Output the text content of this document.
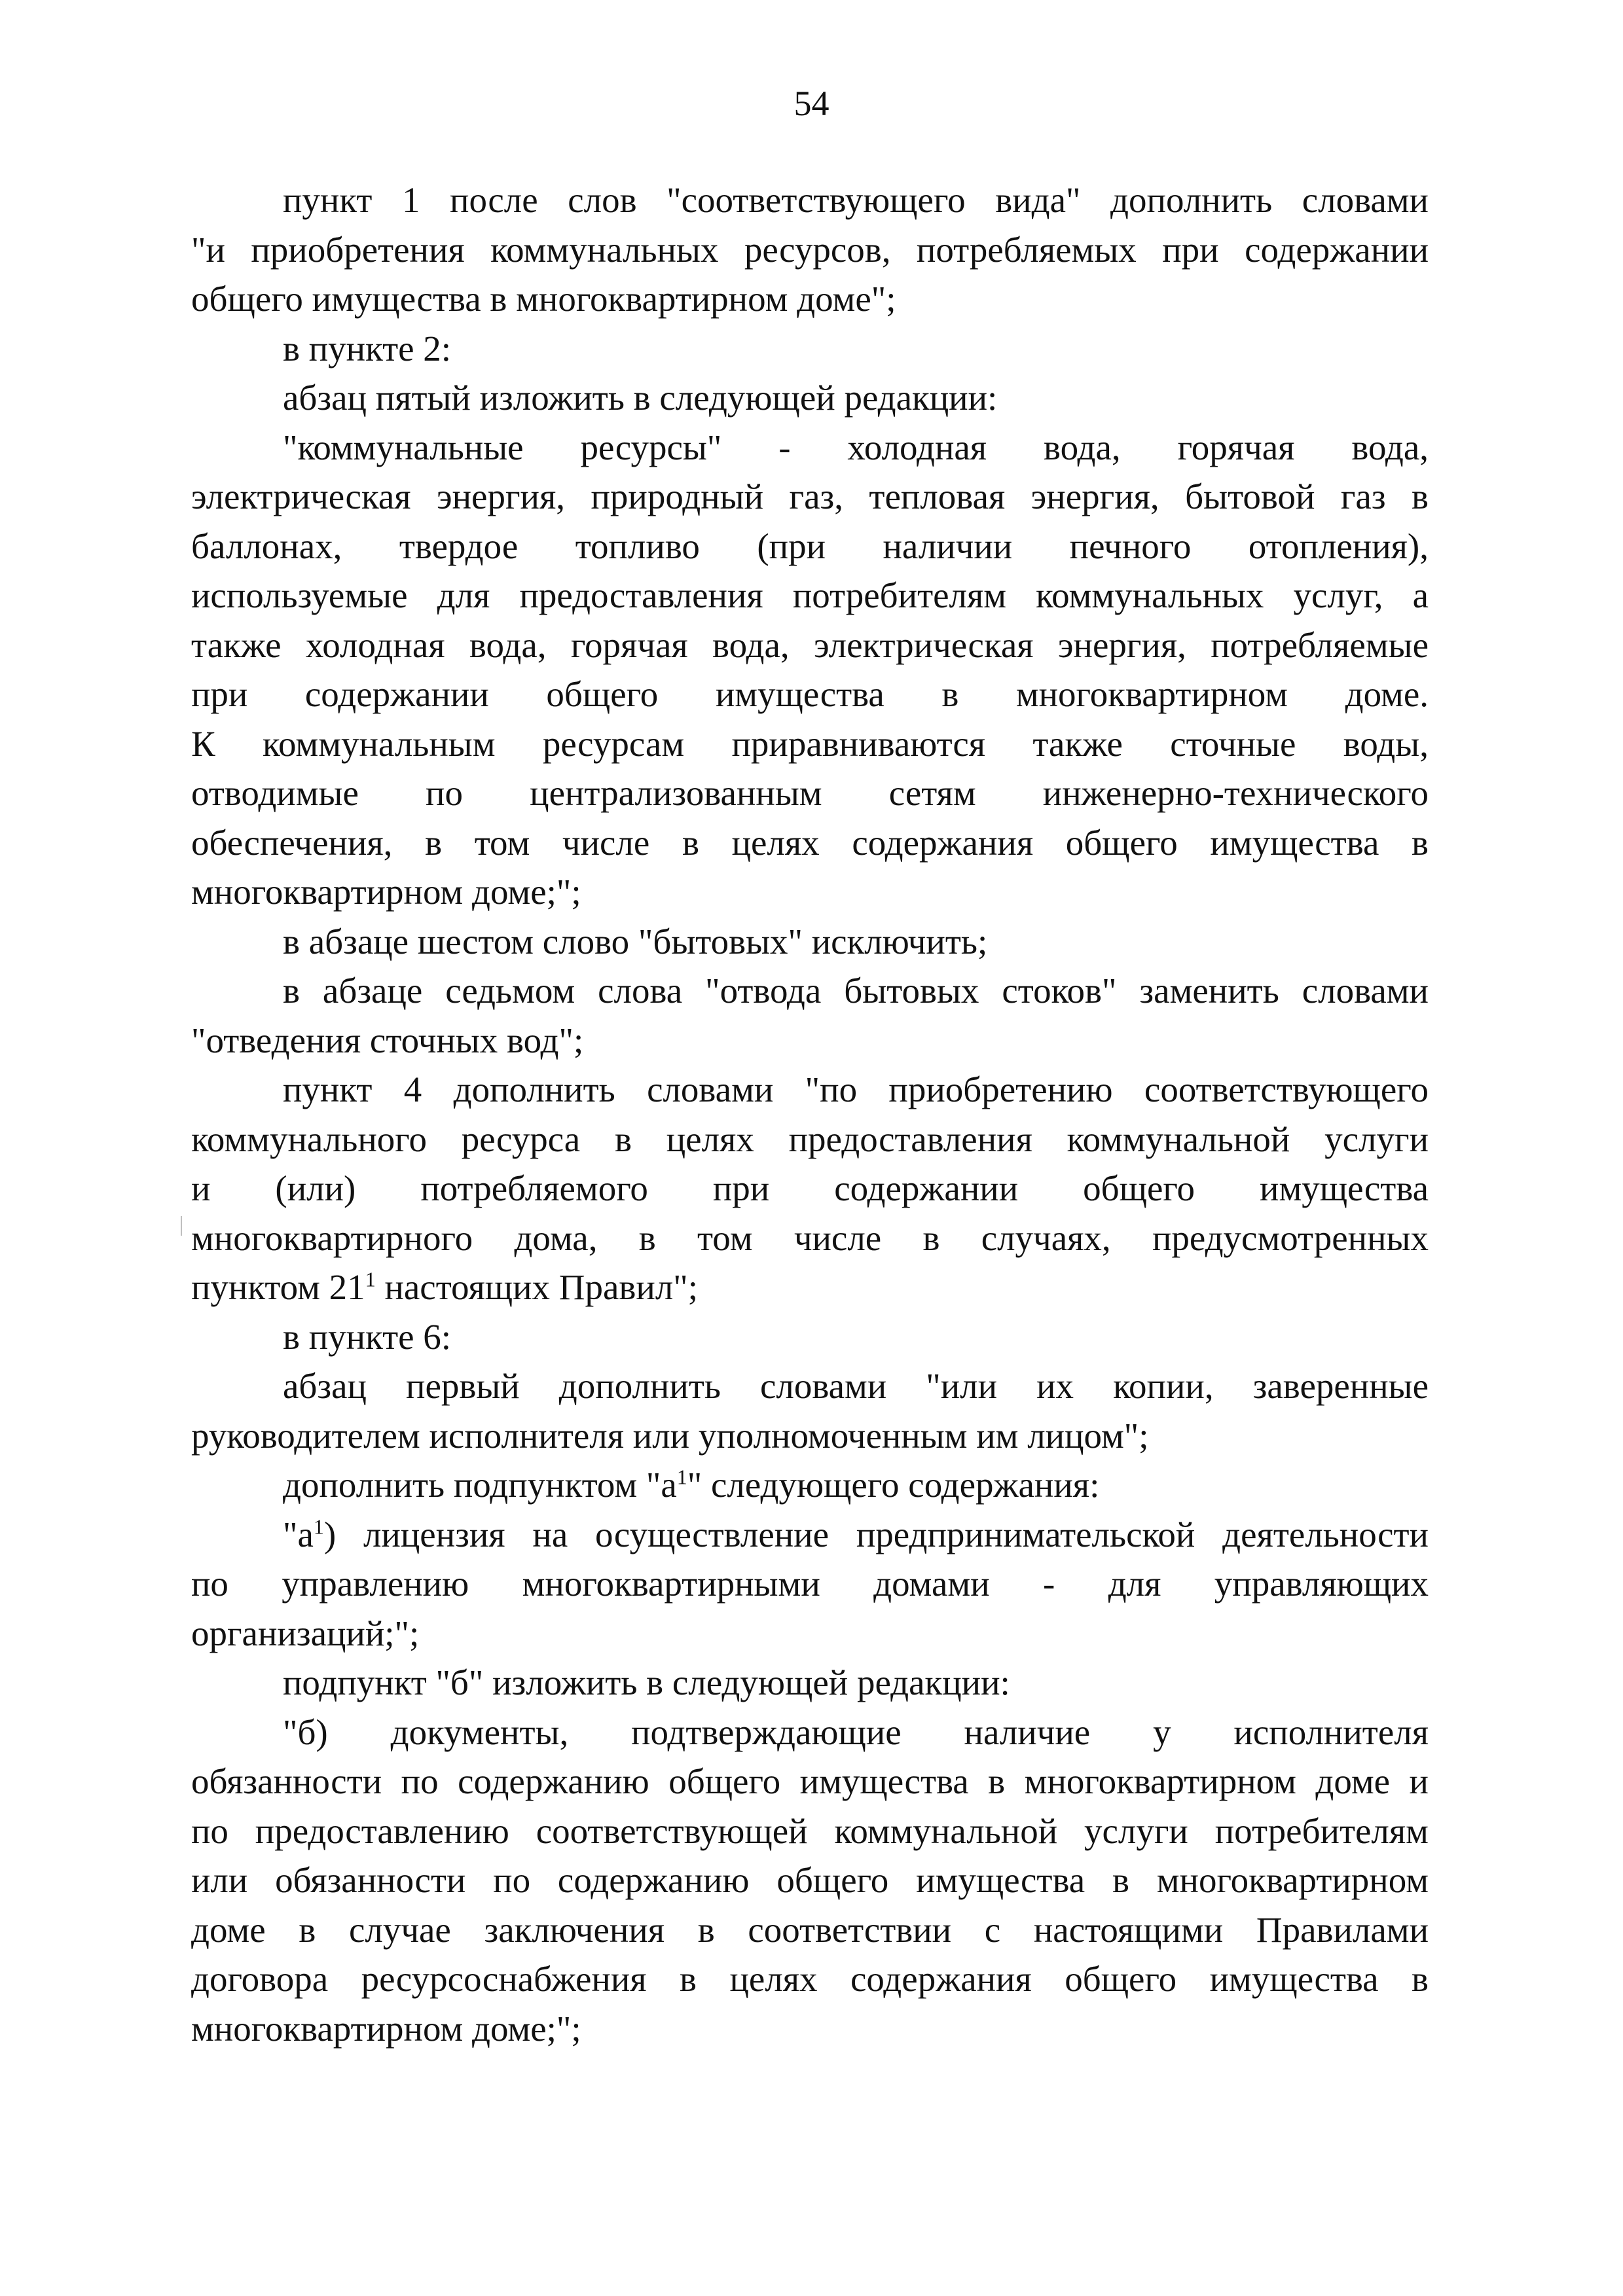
54
пункт 1 после слов "соответствующего вида" дополнить словами
"и приобретения коммунальных ресурсов, потребляемых при содержании
общего имущества в многоквартирном доме";
в пункте 2:
абзац пятый изложить в следующей редакции:
"коммунальные ресурсы" - холодная вода, горячая вода,
электрическая энергия, природный газ, тепловая энергия, бытовой газ в
баллонах, твердое топливо (при наличии печного отопления),
используемые для предоставления потребителям коммунальных услуг, а
также холодная вода, горячая вода, электрическая энергия, потребляемые
при содержании общего имущества в многоквартирном доме.
К коммунальным ресурсам приравниваются также сточные воды,
отводимые по централизованным сетям инженерно-технического
обеспечения, в том числе в целях содержания общего имущества в
многоквартирном доме;";
в абзаце шестом слово "бытовых" исключить;
в абзаце седьмом слова "отвода бытовых стоков" заменить словами
"отведения сточных вод";
пункт 4 дополнить словами "по приобретению соответствующего
коммунального ресурса в целях предоставления коммунальной услуги
и (или) потребляемого при содержании общего имущества
многоквартирного дома, в том числе в случаях, предусмотренных
пунктом $21^1$ настоящих Правил";
в пункте 6:
абзац первый дополнить словами "или их копии, заверенные
руководителем исполнителя или уполномоченным им лицом";
дополнить подпунктом "$а^1$" следующего содержания:
"$а^1$) лицензия на осуществление предпринимательской деятельности
по управлению многоквартирными домами - для управляющих
организаций;";
подпункт "б" изложить в следующей редакции:
"б) документы, подтверждающие наличие у исполнителя
обязанности по содержанию общего имущества в многоквартирном доме и
по предоставлению соответствующей коммунальной услуги потребителям
или обязанности по содержанию общего имущества в многоквартирном
доме в случае заключения в соответствии с настоящими Правилами
договора ресурсоснабжения в целях содержания общего имущества в
многоквартирном доме;";
